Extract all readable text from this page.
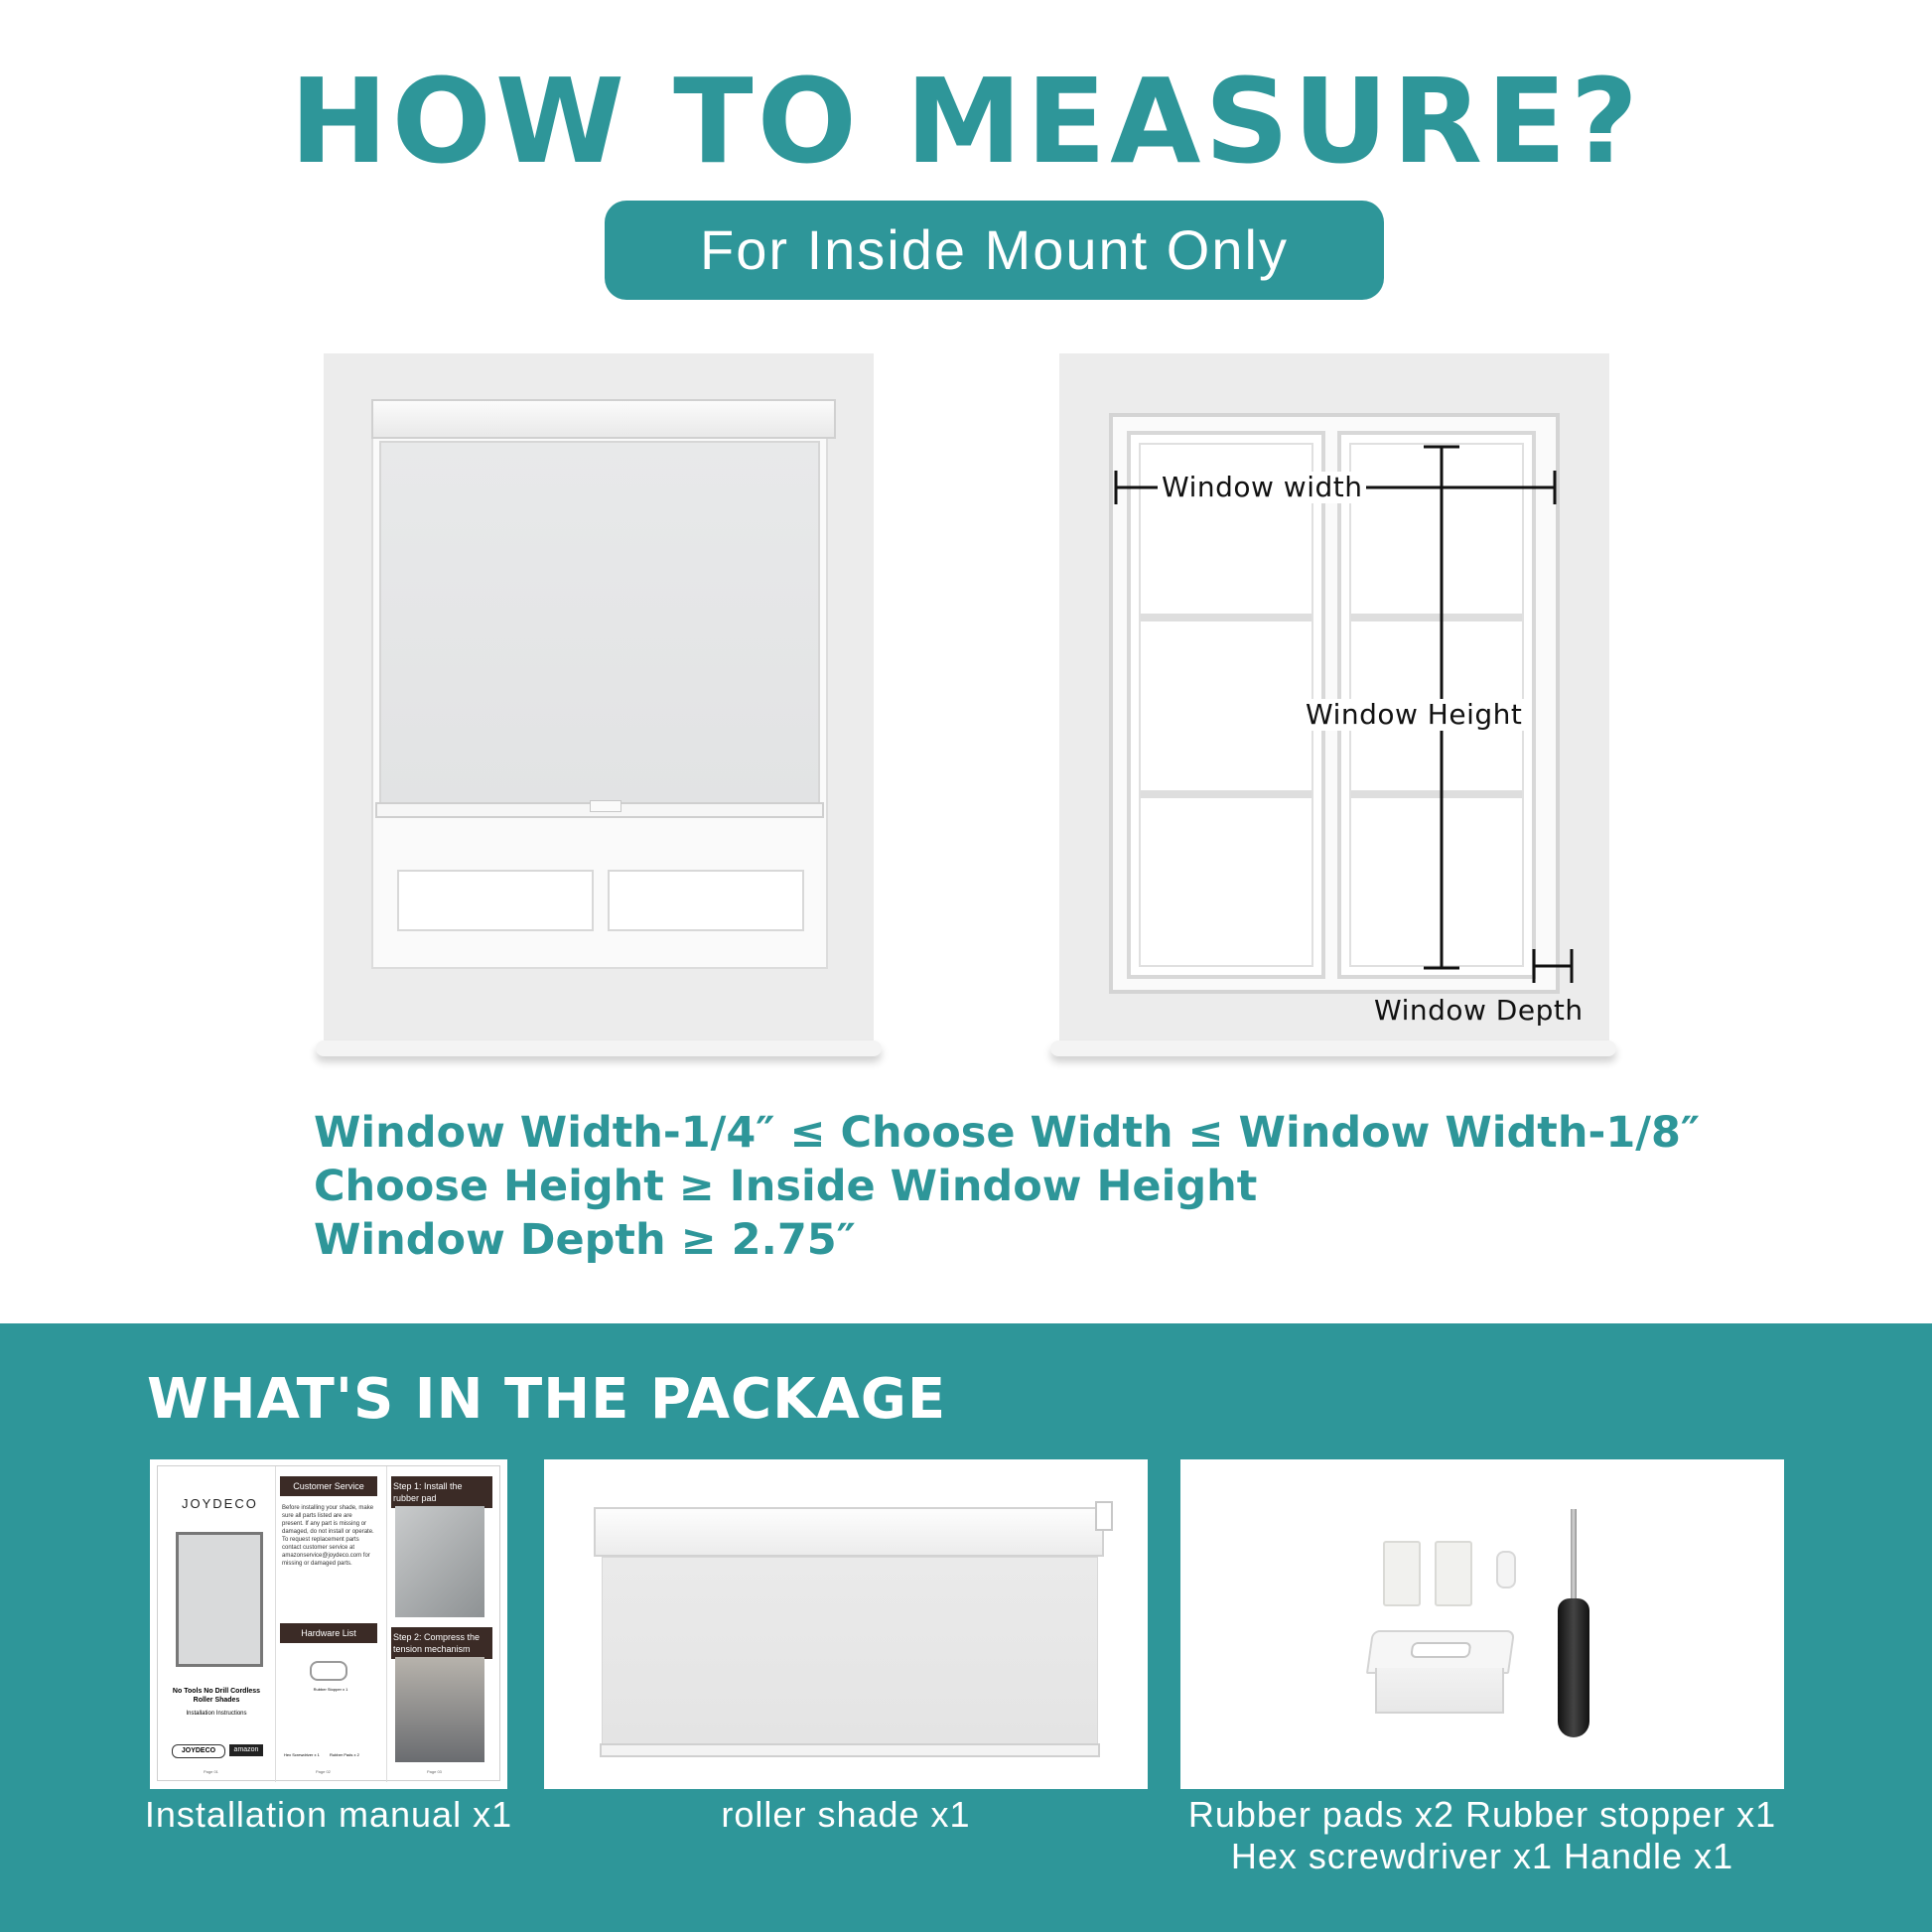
HOW TO MEASURE?
For Inside Mount Only
Window width
Window Height
Window Depth
Window Width-1/4″ ≤ Choose Width ≤ Window Width-1/8″
Choose Height ≥ Inside Window Height
Window Depth ≥ 2.75″
WHAT'S IN THE PACKAGE
JOYDECO
No Tools No Drill Cordless Roller Shades
Installation Instructions
JOYDECO	amazon
Page 01
Customer Service
Before installing your shade, make sure all parts listed are are present. If any part is missing or damaged, do not install or operate. To request replacement parts contact customer service at amazonservice@joydeco.com for missing or damaged parts.
Hardware List
Rubber Stopper x 1
Hex Screwdriver x 1	Rubber Pads x 2
Page 02
Step 1: Install the rubber pad
Step 2: Compress the tension mechanism
Page 03
Installation manual x1	roller shade x1	Rubber pads x2 Rubber stopper x1
Hex screwdriver x1 Handle x1
